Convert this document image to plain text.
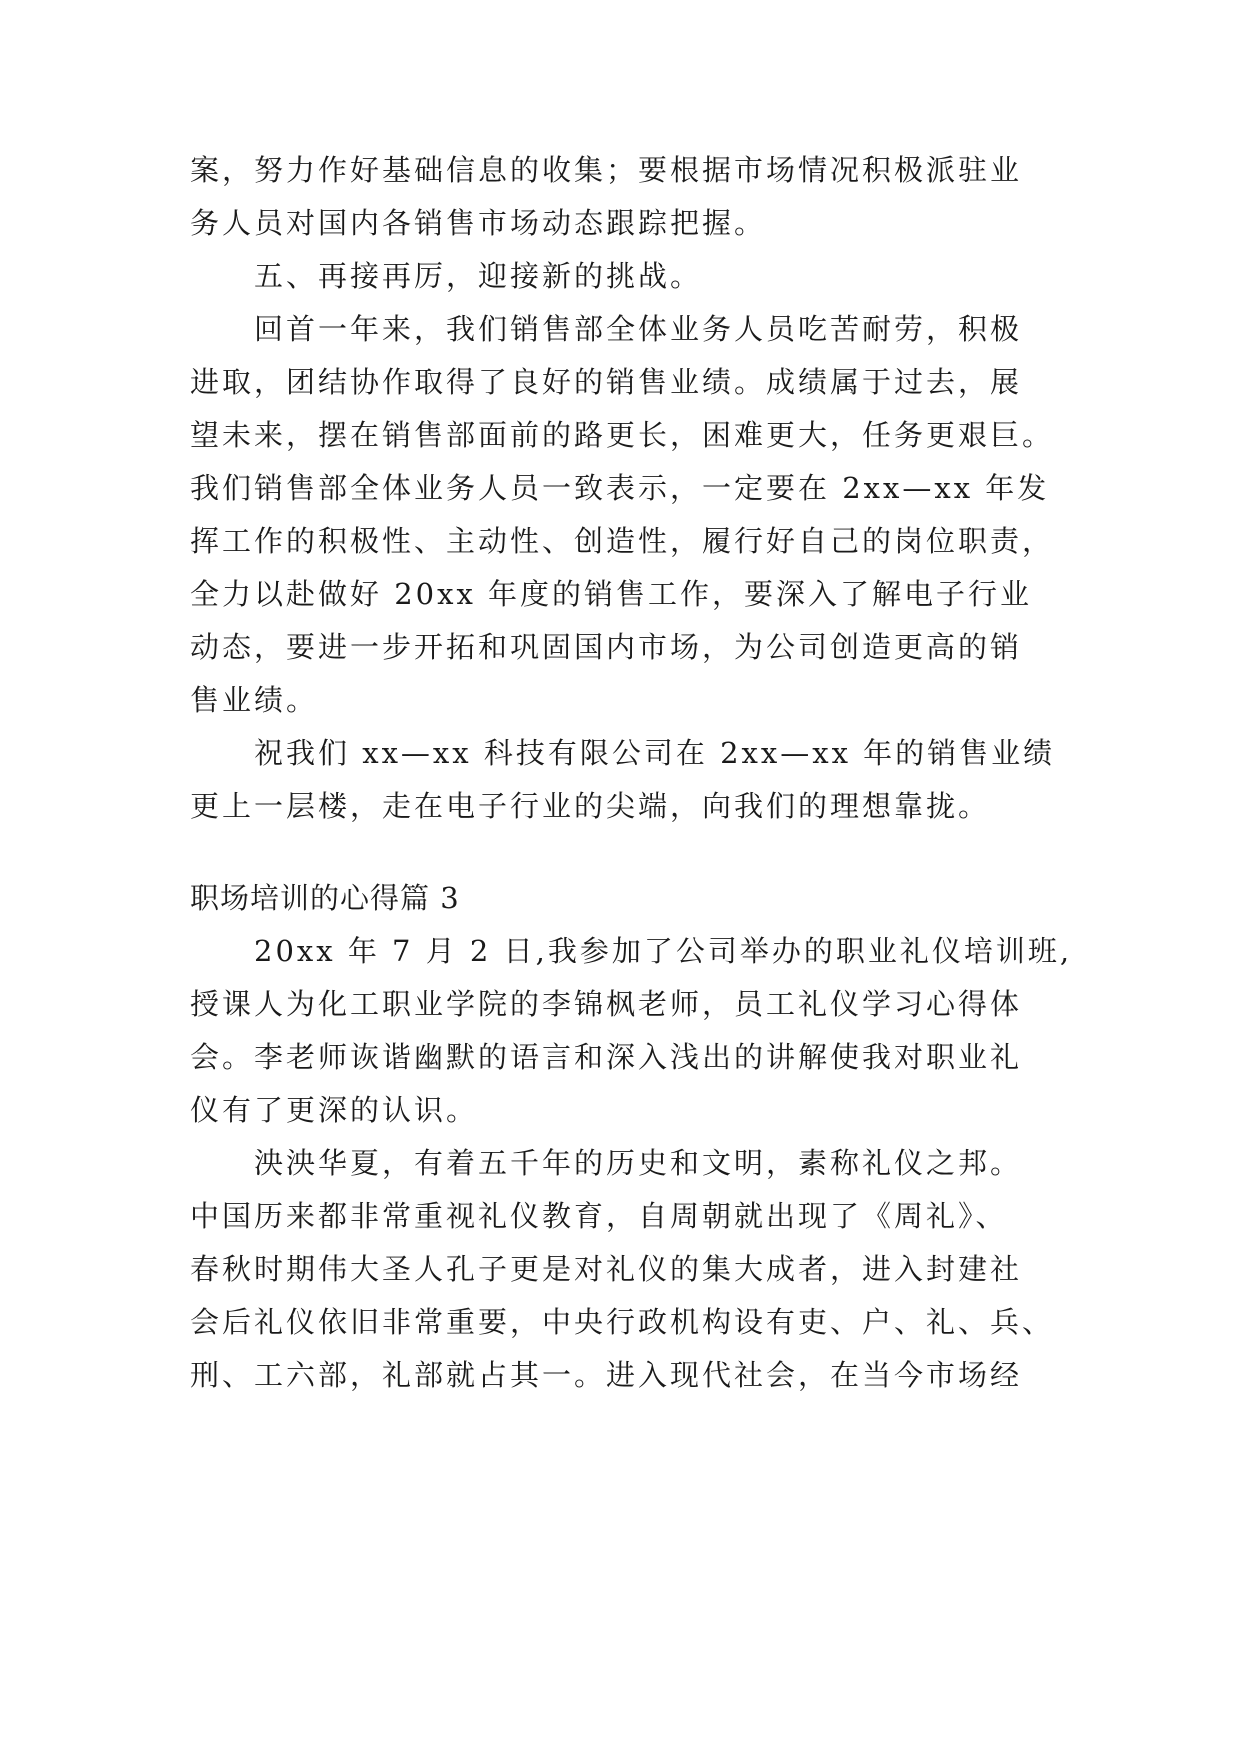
案，努力作好基础信息的收集；要根据市场情况积极派驻业
务人员对国内各销售市场动态跟踪把握。
五、再接再厉，迎接新的挑战。
回首一年来，我们销售部全体业务人员吃苦耐劳，积极
进取，团结协作取得了良好的销售业绩。成绩属于过去，展
望未来，摆在销售部面前的路更长，困难更大，任务更艰巨。
我们销售部全体业务人员一致表示，一定要在 2xx—xx 年发
挥工作的积极性、主动性、创造性，履行好自己的岗位职责，
全力以赴做好 20xx 年度的销售工作，要深入了解电子行业
动态，要进一步开拓和巩固国内市场，为公司创造更高的销
售业绩。
祝我们 xx—xx 科技有限公司在 2xx—xx 年的销售业绩
更上一层楼，走在电子行业的尖端，向我们的理想靠拢。
职场培训的心得篇 3
20xx 年 7 月 2 日,我参加了公司举办的职业礼仪培训班,
授课人为化工职业学院的李锦枫老师，员工礼仪学习心得体
会。李老师诙谐幽默的语言和深入浅出的讲解使我对职业礼
仪有了更深的认识。
泱泱华夏，有着五千年的历史和文明，素称礼仪之邦。
中国历来都非常重视礼仪教育，自周朝就出现了《周礼》、
春秋时期伟大圣人孔子更是对礼仪的集大成者，进入封建社
会后礼仪依旧非常重要，中央行政机构设有吏、户、礼、兵、
刑、工六部，礼部就占其一。进入现代社会，在当今市场经
